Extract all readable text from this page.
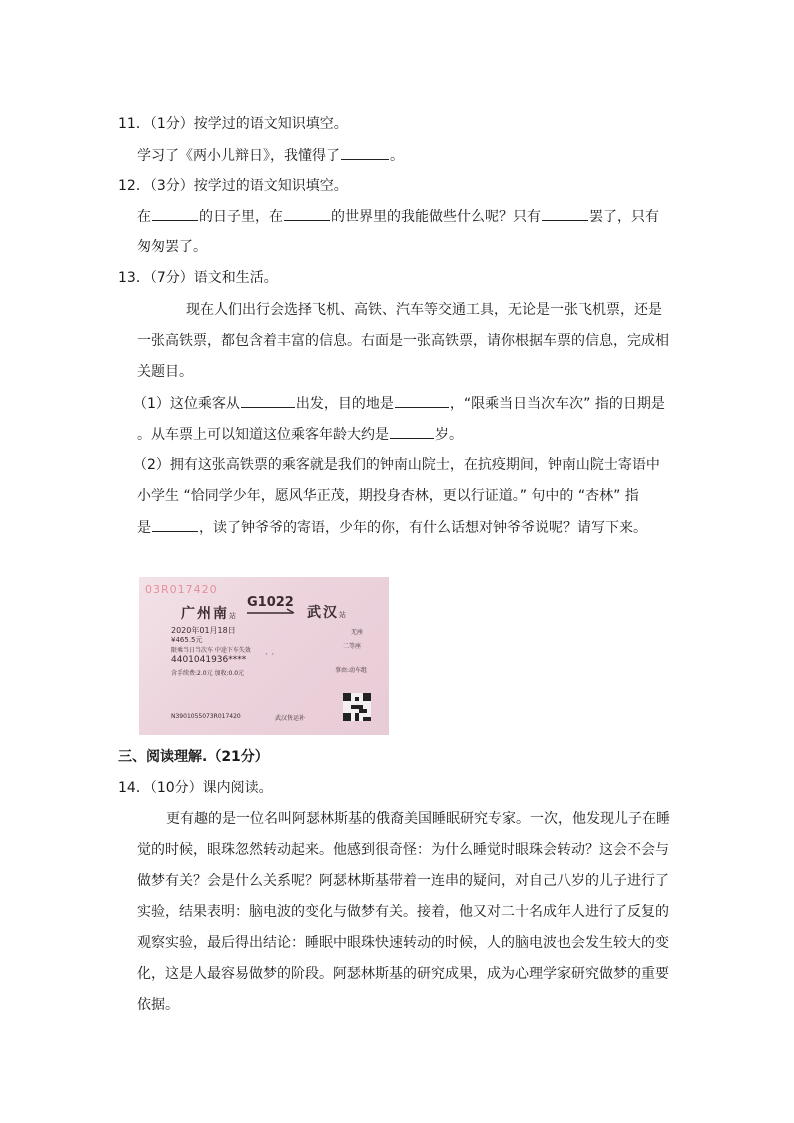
11．（1分）按学过的语文知识填空。
学习了《两小儿辩日》，我懂得了	。
12．（3分）按学过的语文知识填空。
在	的日子里，在	的世界里的我能做些什么呢？只有	罢了，只有
匆匆罢了。
13．（7分）语文和生活。
现在人们出行会选择飞机、高铁、汽车等交通工具，无论是一张飞机票，还是
一张高铁票，都包含着丰富的信息。右面是一张高铁票，请你根据车票的信息，完成相
关题目。
（1）这位乘客从	出发，目的地是	，“限乘当日当次车次” 指的日期是
。从车票上可以知道这位乘客年龄大约是	岁。
（2）拥有这张高铁票的乘客就是我们的钟南山院士，在抗疫期间，钟南山院士寄语中
小学生 “恰同学少年，愿风华正茂，期投身杏林，更以行证道。” 句中的 “杏林” 指
是	，读了钟爷爷的寄语，少年的你，有什么话想对钟爷爷说呢？请写下来。
03R017420
广州南站
G1022
武汉站
2020年01月18日	无座
¥465.5元
二等座
限乘当日当次车 中途下车失效
4401041936****	ˋ ˊ
含手续费:2.0元 加收:0.0元	事由:动车组
N3901055073R017420	武汉售运补
三、阅读理解.（21分）
14．（10分）课内阅读。
更有趣的是一位名叫阿瑟林斯基的俄裔美国睡眠研究专家。一次，他发现儿子在睡
觉的时候，眼珠忽然转动起来。他感到很奇怪：为什么睡觉时眼珠会转动？这会不会与
做梦有关？会是什么关系呢？阿瑟林斯基带着一连串的疑问，对自己八岁的儿子进行了
实验，结果表明：脑电波的变化与做梦有关。接着，他又对二十名成年人进行了反复的
观察实验，最后得出结论：睡眠中眼珠快速转动的时候，人的脑电波也会发生较大的变
化，这是人最容易做梦的阶段。阿瑟林斯基的研究成果，成为心理学家研究做梦的重要
依据。
